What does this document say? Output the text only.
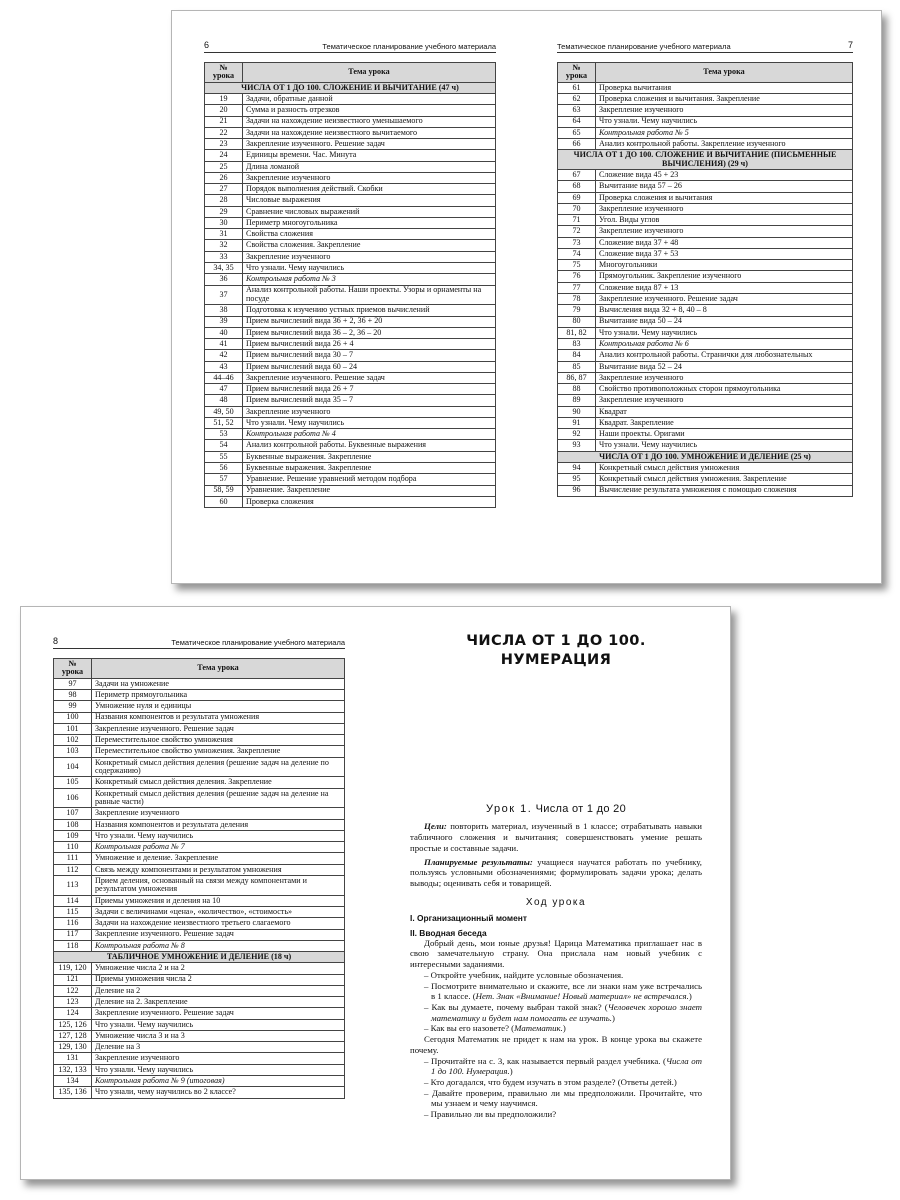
6	Тематическое планирование учебного материала
№ урока	Тема урока
ЧИСЛА ОТ 1 ДО 100. СЛОЖЕНИЕ И ВЫЧИТАНИЕ (47 ч)	
19	Задачи, обратные данной
20	Сумма и разность отрезков
21	Задачи на нахождение неизвестного уменьшаемого
22	Задачи на нахождение неизвестного вычитаемого
23	Закрепление изученного. Решение задач
24	Единицы времени. Час. Минута
25	Длина ломаной
26	Закрепление изученного
27	Порядок выполнения действий. Скобки
28	Числовые выражения
29	Сравнение числовых выражений
30	Периметр многоугольника
31	Свойства сложения
32	Свойства сложения. Закрепление
33	Закрепление изученного
34, 35	Что узнали. Чему научились
36	Контрольная работа № 3
37	Анализ контрольной работы. Наши проекты. Узоры и орнаменты на посуде
38	Подготовка к изучению устных приемов вычислений
39	Прием вычислений вида 36 + 2, 36 + 20
40	Прием вычислений вида 36 – 2, 36 – 20
41	Прием вычислений вида 26 + 4
42	Прием вычислений вида 30 – 7
43	Прием вычислений вида 60 – 24
44–46	Закрепление изученного. Решение задач
47	Прием вычислений вида 26 + 7
48	Прием вычислений вида 35 – 7
49, 50	Закрепление изученного
51, 52	Что узнали. Чему научились
53	Контрольная работа № 4
54	Анализ контрольной работы. Буквенные выражения
55	Буквенные выражения. Закрепление
56	Буквенные выражения. Закрепление
57	Уравнение. Решение уравнений методом подбора
58, 59	Уравнение. Закрепление
60	Проверка сложения
Тематическое планирование учебного материала	7
№ урока	Тема урока
61	Проверка вычитания
62	Проверка сложения и вычитания. Закрепление
63	Закрепление изученного
64	Что узнали. Чему научились
65	Контрольная работа № 5
66	Анализ контрольной работы. Закрепление изученного
ЧИСЛА ОТ 1 ДО 100. СЛОЖЕНИЕ И ВЫЧИТАНИЕ (ПИСЬМЕННЫЕ ВЫЧИСЛЕНИЯ) (29 ч)	
67	Сложение вида 45 + 23
68	Вычитание вида 57 – 26
69	Проверка сложения и вычитания
70	Закрепление изученного
71	Угол. Виды углов
72	Закрепление изученного
73	Сложение вида 37 + 48
74	Сложение вида 37 + 53
75	Многоугольники
76	Прямоугольник. Закрепление изученного
77	Сложение вида 87 + 13
78	Закрепление изученного. Решение задач
79	Вычисления вида 32 + 8, 40 – 8
80	Вычитание вида 50 – 24
81, 82	Что узнали. Чему научились
83	Контрольная работа № 6
84	Анализ контрольной работы. Странички для любознательных
85	Вычитание вида 52 – 24
86, 87	Закрепление изученного
88	Свойство противоположных сторон прямоугольника
89	Закрепление изученного
90	Квадрат
91	Квадрат. Закрепление
92	Наши проекты. Оригами
93	Что узнали. Чему научились
ЧИСЛА ОТ 1 ДО 100. УМНОЖЕНИЕ И ДЕЛЕНИЕ (25 ч)	
94	Конкретный смысл действия умножения
95	Конкретный смысл действия умножения. Закрепление
96	Вычисление результата умножения с помощью сложения
8	Тематическое планирование учебного материала
№ урока	Тема урока
97	Задачи на умножение
98	Периметр прямоугольника
99	Умножение нуля и единицы
100	Названия компонентов и результата умножения
101	Закрепление изученного. Решение задач
102	Переместительное свойство умножения
103	Переместительное свойство умножения. Закрепление
104	Конкретный смысл действия деления (решение задач на деление по содержанию)
105	Конкретный смысл действия деления. Закрепление
106	Конкретный смысл действия деления (решение задач на деление на равные части)
107	Закрепление изученного
108	Названия компонентов и результата деления
109	Что узнали. Чему научились
110	Контрольная работа № 7
111	Умножение и деление. Закрепление
112	Связь между компонентами и результатом умножения
113	Прием деления, основанный на связи между компонентами и результатом умножения
114	Приемы умножения и деления на 10
115	Задачи с величинами «цена», «количество», «стоимость»
116	Задачи на нахождение неизвестного третьего слагаемого
117	Закрепление изученного. Решение задач
118	Контрольная работа № 8
ТАБЛИЧНОЕ УМНОЖЕНИЕ И ДЕЛЕНИЕ (18 ч)	
119, 120	Умножение числа 2 и на 2
121	Приемы умножения числа 2
122	Деление на 2
123	Деление на 2. Закрепление
124	Закрепление изученного. Решение задач
125, 126	Что узнали. Чему научились
127, 128	Умножение числа 3 и на 3
129, 130	Деление на 3
131	Закрепление изученного
132, 133	Что узнали. Чему научились
134	Контрольная работа № 9 (итоговая)
135, 136	Что узнали, чему научились во 2 классе?
ЧИСЛА ОТ 1 ДО 100.
НУМЕРАЦИЯ
Урок 1. Числа от 1 до 20

Цели: повторить материал, изученный в 1 классе; отрабатывать навыки табличного сложения и вычитания; совершенствовать умение решать простые и составные задачи.

Планируемые результаты: учащиеся научатся работать по учебнику, пользуясь условными обозначениями; формулировать задачи урока; делать выводы; оценивать себя и товарищей.

Ход урока
I. Организационный момент
II. Вводная беседа

Добрый день, мои юные друзья! Царица Математика приглашает нас в свою замечательную страну. Она прислала нам новый учебник с интересными заданиями.

– Откройте учебник, найдите условные обозначения.

– Посмотрите внимательно и скажите, все ли знаки нам уже встречались в 1 классе. (Нет. Знак «Внимание! Новый материал» не встречался.)

– Как вы думаете, почему выбран такой знак? (Человечек хорошо знает математику и будет нам помогать ее изучать.)

– Как вы его назовете? (Математик.)

Сегодня Математик не придет к нам на урок. В конце урока вы скажете почему.

– Прочитайте на с. 3, как называется первый раздел учебника. (Числа от 1 до 100. Нумерация.)

– Кто догадался, что будем изучать в этом разделе? (Ответы детей.)

– Давайте проверим, правильно ли мы предположили. Прочитайте, что мы узнаем и чему научимся.

– Правильно ли вы предположили?
